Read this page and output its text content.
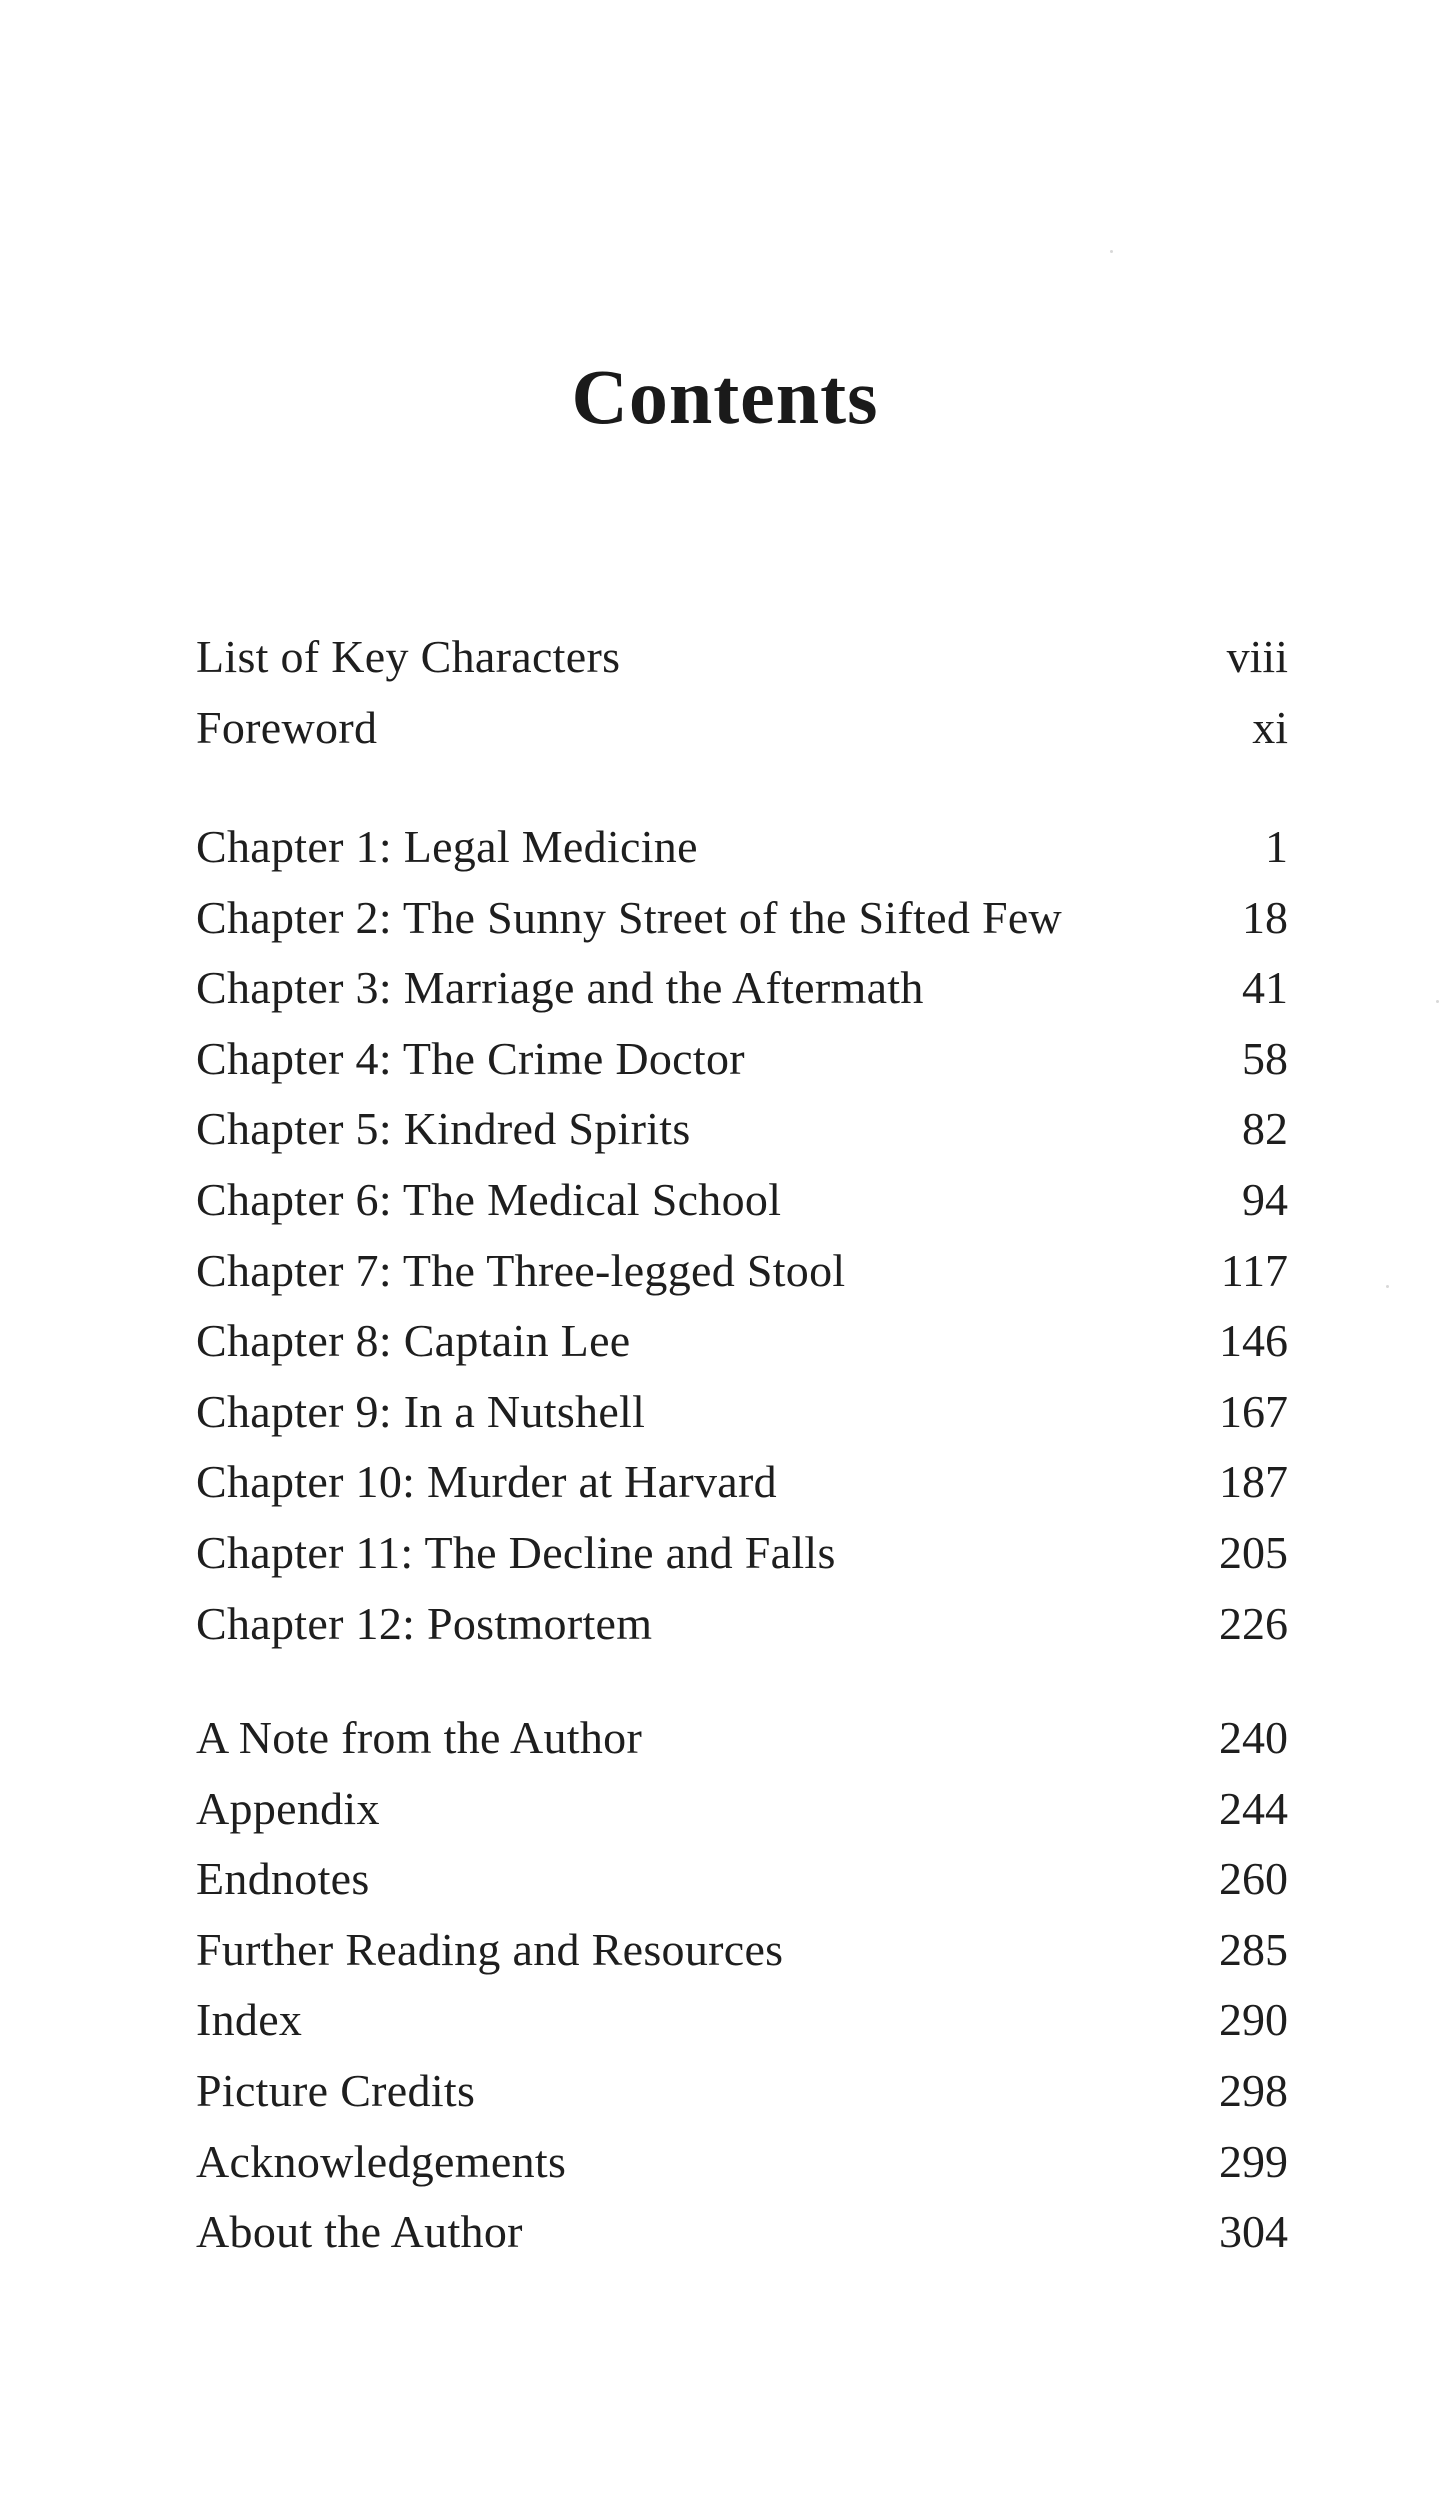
Contents
List of Key Characters	viii
Foreword	xi
Chapter 1: Legal Medicine	1
Chapter 2: The Sunny Street of the Sifted Few	18
Chapter 3: Marriage and the Aftermath	41
Chapter 4: The Crime Doctor	58
Chapter 5: Kindred Spirits	82
Chapter 6: The Medical School	94
Chapter 7: The Three-legged Stool	117
Chapter 8: Captain Lee	146
Chapter 9: In a Nutshell	167
Chapter 10: Murder at Harvard	187
Chapter 11: The Decline and Falls	205
Chapter 12: Postmortem	226
A Note from the Author	240
Appendix	244
Endnotes	260
Further Reading and Resources	285
Index	290
Picture Credits	298
Acknowledgements	299
About the Author	304
